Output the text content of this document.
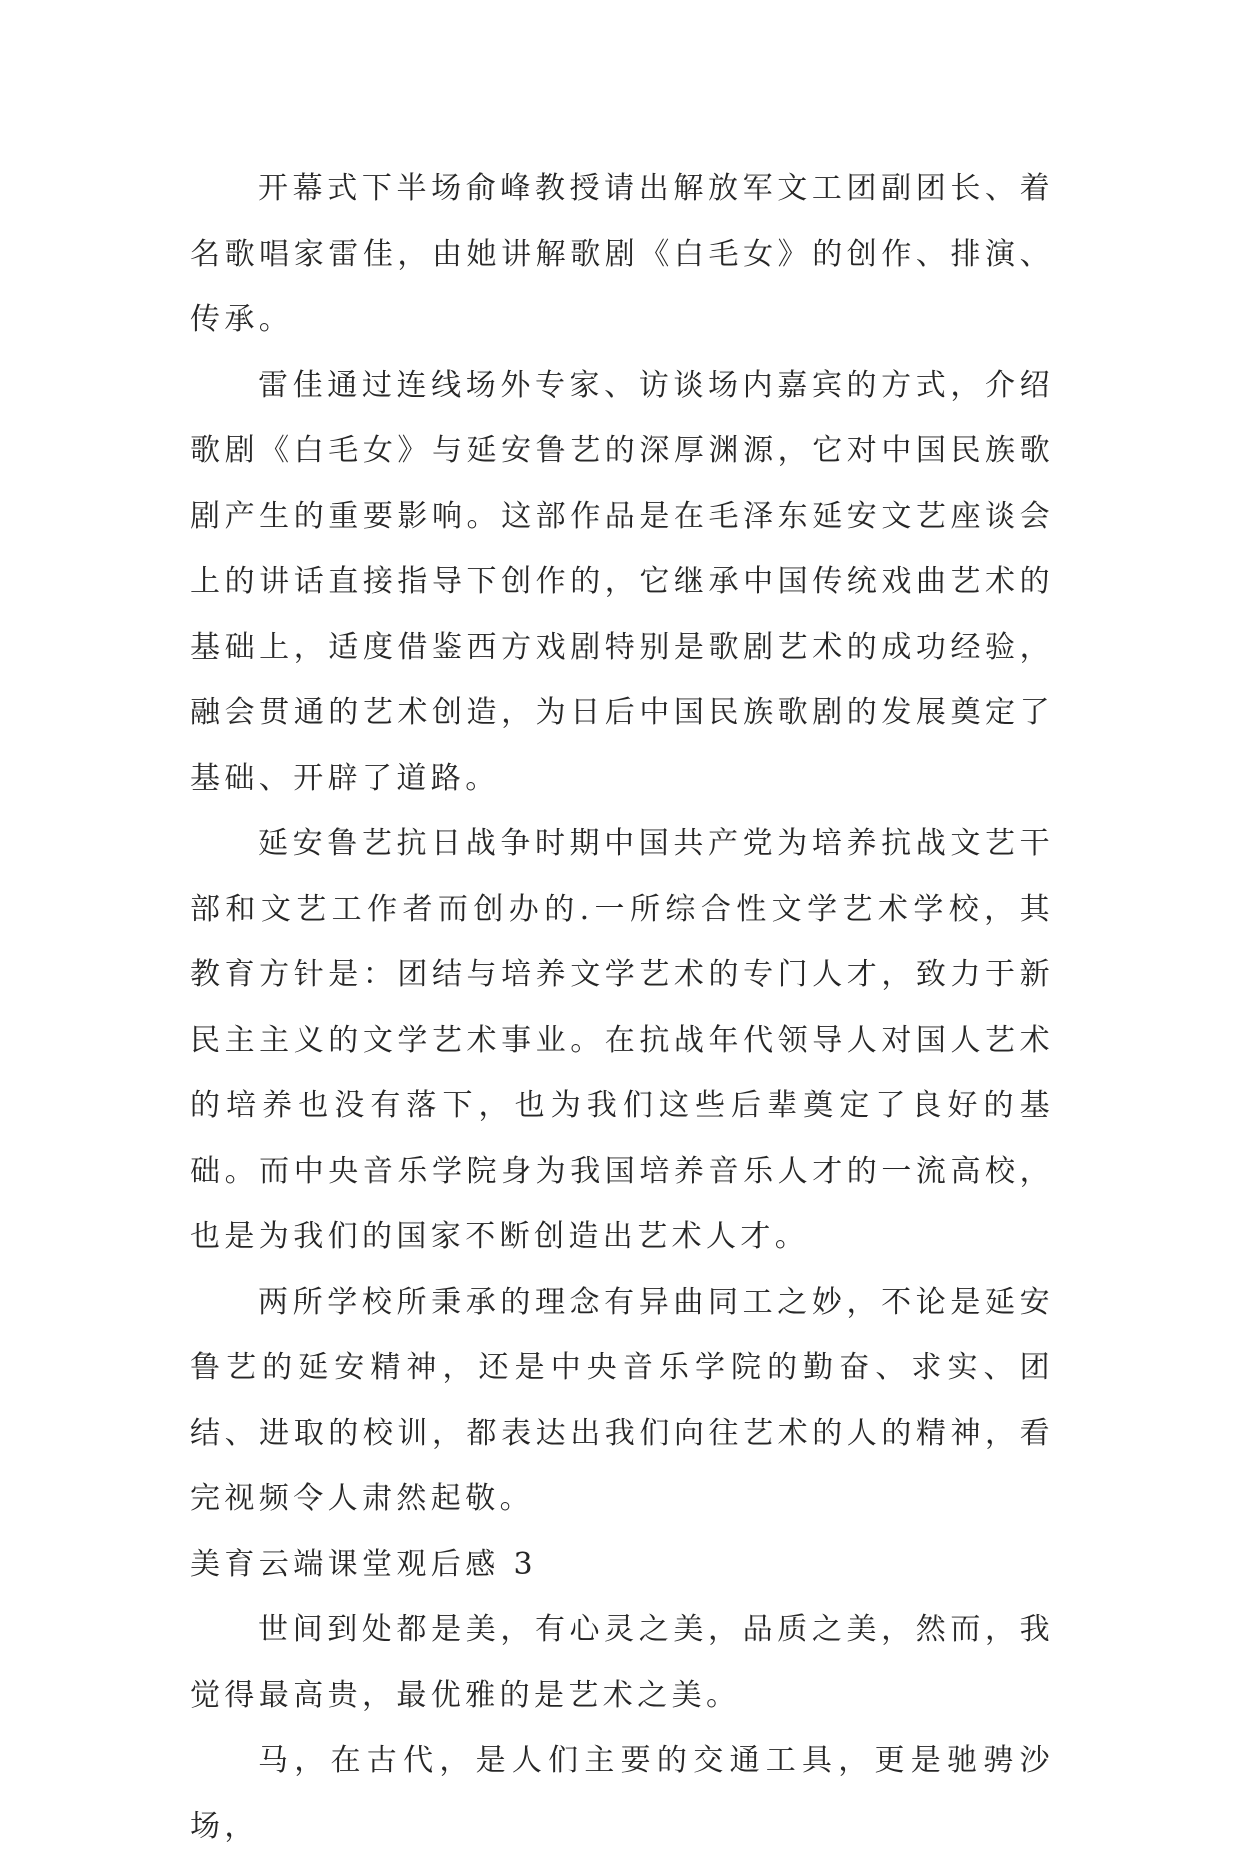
开幕式下半场俞峰教授请出解放军文工团副团长、着名歌唱家雷佳，由她讲解歌剧《白毛女》的创作、排演、传承。

雷佳通过连线场外专家、访谈场内嘉宾的方式，介绍歌剧《白毛女》与延安鲁艺的深厚渊源，它对中国民族歌剧产生的重要影响。这部作品是在毛泽东延安文艺座谈会上的讲话直接指导下创作的，它继承中国传统戏曲艺术的基础上，适度借鉴西方戏剧特别是歌剧艺术的成功经验，融会贯通的艺术创造，为日后中国民族歌剧的发展奠定了基础、开辟了道路。

延安鲁艺抗日战争时期中国共产党为培养抗战文艺干部和文艺工作者而创办的.一所综合性文学艺术学校，其教育方针是：团结与培养文学艺术的专门人才，致力于新民主主义的文学艺术事业。在抗战年代领导人对国人艺术的培养也没有落下，也为我们这些后辈奠定了良好的基础。而中央音乐学院身为我国培养音乐人才的一流高校，也是为我们的国家不断创造出艺术人才。

两所学校所秉承的理念有异曲同工之妙，不论是延安鲁艺的延安精神，还是中央音乐学院的勤奋、求实、团结、进取的校训，都表达出我们向往艺术的人的精神，看完视频令人肃然起敬。

美育云端课堂观后感 3

世间到处都是美，有心灵之美，品质之美，然而，我觉得最高贵，最优雅的是艺术之美。

马，在古代，是人们主要的交通工具，更是驰骋沙场，
